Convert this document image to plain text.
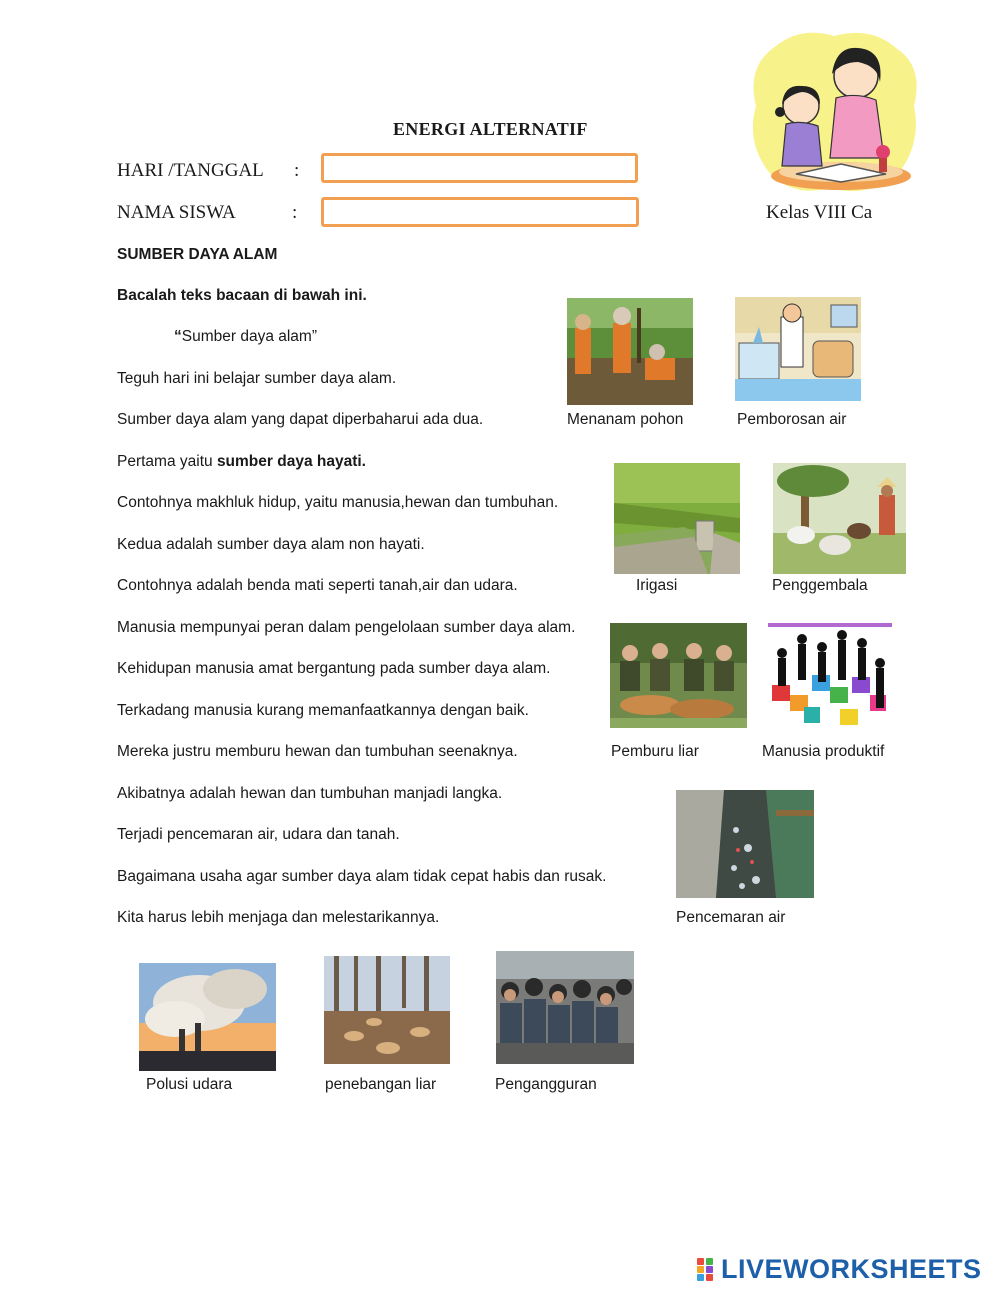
ENERGI ALTERNATIF
HARI /TANGGAL :
NAMA SISWA	:	Kelas VIII Ca
SUMBER DAYA ALAM
Bacalah teks bacaan di bawah ini.
“Sumber daya alam”
Teguh hari ini belajar sumber daya alam.
Sumber daya alam yang dapat diperbaharui ada dua.
Pertama yaitu sumber daya hayati.
Contohnya makhluk hidup, yaitu manusia,hewan dan tumbuhan.
Kedua adalah sumber daya alam non hayati.
Contohnya adalah benda mati seperti tanah,air dan udara.
Manusia mempunyai peran dalam pengelolaan sumber daya alam.
Kehidupan manusia amat bergantung pada sumber daya alam.
Terkadang manusia kurang memanfaatkannya dengan baik.
Mereka justru memburu hewan dan tumbuhan seenaknya.
Akibatnya adalah hewan dan tumbuhan manjadi langka.
Terjadi pencemaran air, udara dan tanah.
Bagaimana usaha agar sumber daya alam tidak cepat habis dan rusak.
Kita harus lebih menjaga dan melestarikannya.
Menanam pohon	Pemborosan air
Irigasi	Penggembala
Pemburu liar	Manusia produktif
Pencemaran air
Polusi udara	penebangan liar	Pengangguran
LIVEWORKSHEETS
